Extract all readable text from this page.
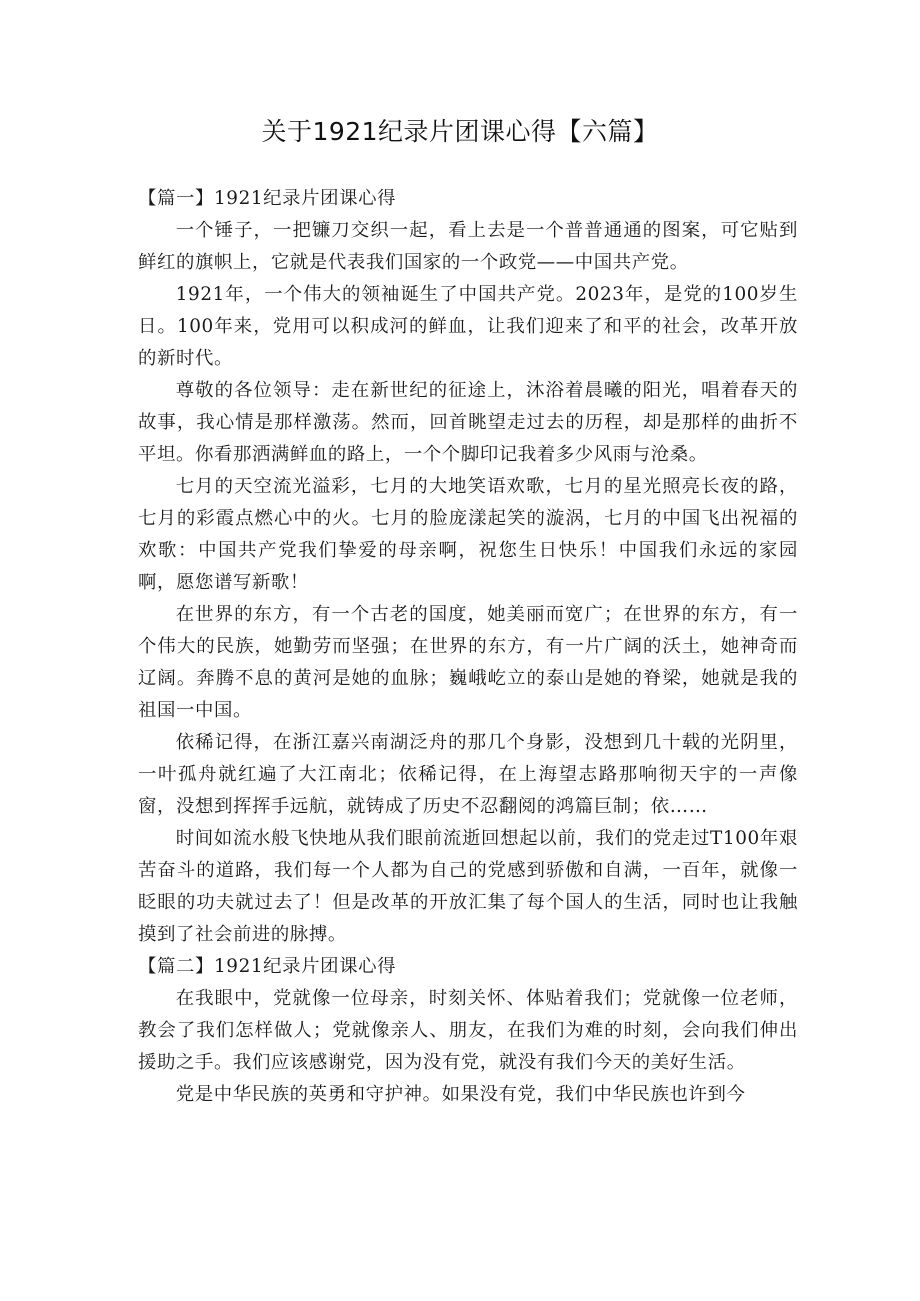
关于1921纪录片团课心得【六篇】

【篇一】1921纪录片团课心得

一个锤子，一把镰刀交织一起，看上去是一个普普通通的图案，可它贴到鲜红的旗帜上，它就是代表我们国家的一个政党——中国共产党。

1921年，一个伟大的领袖诞生了中国共产党。2023年，是党的100岁生日。100年来，党用可以积成河的鲜血，让我们迎来了和平的社会，改革开放的新时代。

尊敬的各位领导：走在新世纪的征途上，沐浴着晨曦的阳光，唱着春天的故事，我心情是那样激荡。然而，回首眺望走过去的历程，却是那样的曲折不平坦。你看那洒满鲜血的路上，一个个脚印记我着多少风雨与沧桑。

七月的天空流光溢彩，七月的大地笑语欢歌，七月的星光照亮长夜的路，七月的彩霞点燃心中的火。七月的脸庞漾起笑的漩涡，七月的中国飞出祝福的欢歌：中国共产党我们挚爱的母亲啊，祝您生日快乐！中国我们永远的家园啊，愿您谱写新歌！

在世界的东方，有一个古老的国度，她美丽而宽广；在世界的东方，有一个伟大的民族，她勤劳而坚强；在世界的东方，有一片广阔的沃土，她神奇而辽阔。奔腾不息的黄河是她的血脉；巍峨屹立的泰山是她的脊梁，她就是我的祖国一中国。

依稀记得，在浙江嘉兴南湖泛舟的那几个身影，没想到几十载的光阴里，一叶孤舟就红遍了大江南北；依稀记得，在上海望志路那响彻天宇的一声像窗，没想到挥挥手远航，就铸成了历史不忍翻阅的鸿篇巨制；依……

时间如流水般飞快地从我们眼前流逝回想起以前，我们的党走过T100年艰苦奋斗的道路，我们每一个人都为自己的党感到骄傲和自满，一百年，就像一眨眼的功夫就过去了！但是改革的开放汇集了每个国人的生活，同时也让我触摸到了社会前进的脉搏。

【篇二】1921纪录片团课心得

在我眼中，党就像一位母亲，时刻关怀、体贴着我们；党就像一位老师，教会了我们怎样做人；党就像亲人、朋友，在我们为难的时刻，会向我们伸出援助之手。我们应该感谢党，因为没有党，就没有我们今天的美好生活。

党是中华民族的英勇和守护神。如果没有党，我们中华民族也许到今
